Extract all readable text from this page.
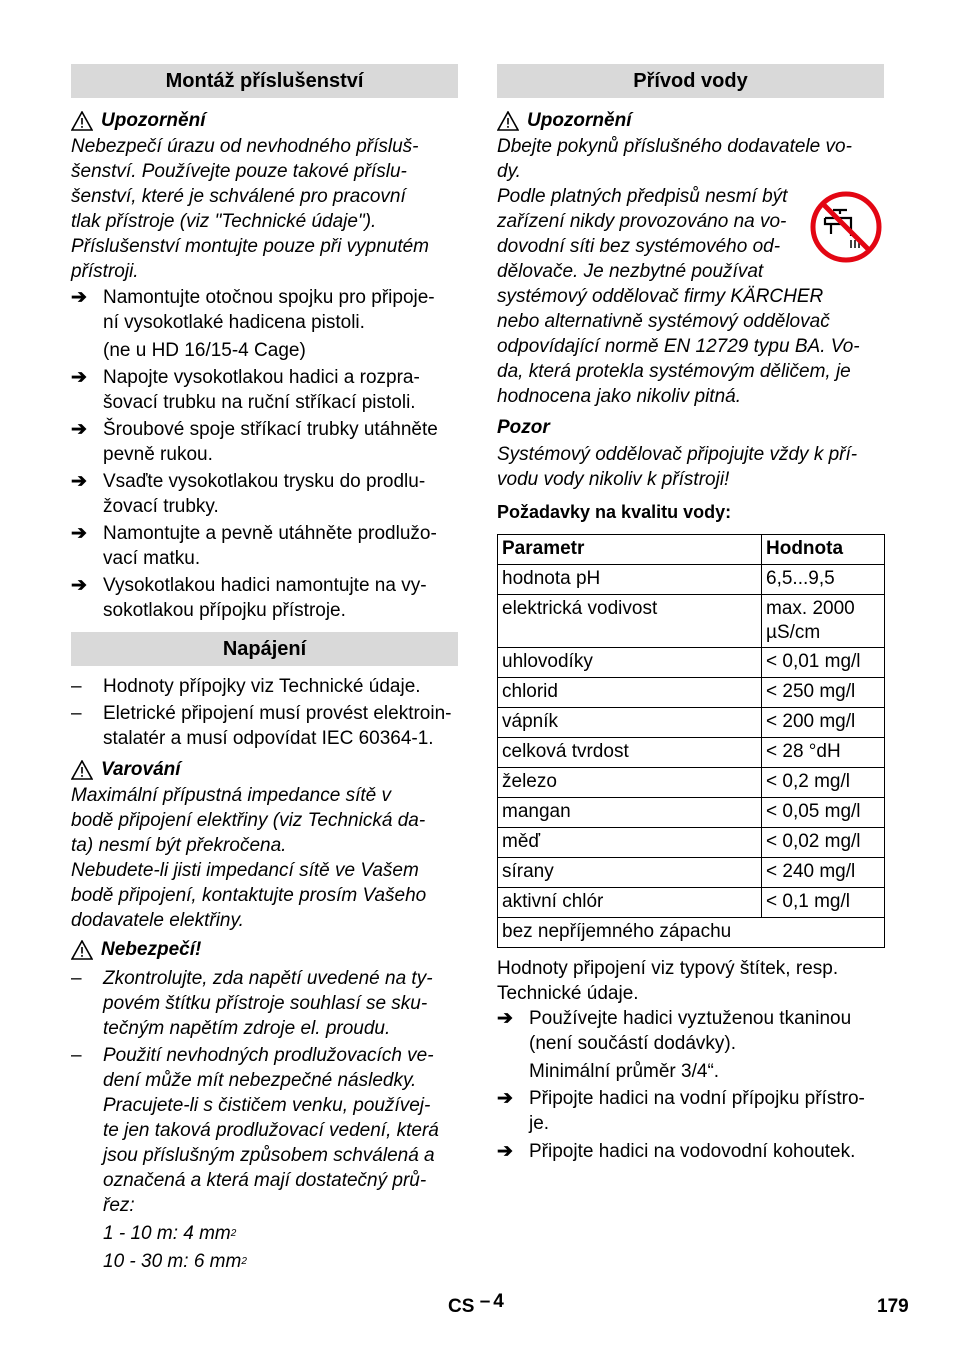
Montáž příslušenství
Upozornění

Nebezpečí úrazu od nevhodného přísluš-

šenství. Používejte pouze takové příslu-

šenství, které je schválené pro pracovní

tlak přístroje (viz "Technické údaje").

Příslušenství montujte pouze při vypnutém

přístroji.

➔ Namontujte otočnou spojku pro připoje-

ní vysokotlaké hadicena pistoli.

(ne u HD 16/15-4 Cage)

➔ Napojte vysokotlakou hadici a rozpra-

šovací trubku na ruční stříkací pistoli.

➔ Šroubové spoje stříkací trubky utáhněte

pevně rukou.

➔ Vsaďte vysokotlakou trysku do prodlu-

žovací trubky.

➔ Namontujte a pevně utáhněte prodlužo-

vací matku.

➔ Vysokotlakou hadici namontujte na vy-

sokotlakou přípojku přístroje.

Napájení
–	Hodnoty přípojky viz Technické údaje.

–	Eletrické připojení musí provést elektroin-

stalatér a musí odpovídat IEC 60364-1.

Varování

Maximální přípustná impedance sítě v

bodě připojení elektřiny (viz Technická da-

ta) nesmí být překročena.

Nebudete-li jisti impedancí sítě ve Vašem

bodě připojení, kontaktujte prosím Vašeho

dodavatele elektřiny.

Nebezpečí!
–	Zkontrolujte, zda napětí uvedené na ty-

povém štítku přístroje souhlasí se sku-

tečným napětím zdroje el. proudu.

–	Použití nevhodných prodlužovacích ve-

dení může mít nebezpečné následky.

Pracujete-li s čističem venku, používej-

te jen taková prodlužovací vedení, která

jsou příslušným způsobem schválená a

označená a která mají dostatečný prů-

řez:

1 - 10 m: 4 $mm^2$

10 - 30 m: 6 $mm^2$

Přívod vody
Upozornění

Dbejte pokynů příslušného dodavatele vo-

dy.

Podle platných předpisů nesmí být

zařízení nikdy provozováno na vo-

dovodní síti bez systémového od-

dělovače. Je nezbytné používat

systémový oddělovač firmy KÄRCHER

nebo alternativně systémový oddělovač

odpovídající normě EN 12729 typu BA. Vo-

da, která protekla systémovým děličem, je

hodnocena jako nikoliv pitná.

Pozor

Systémový oddělovač připojujte vždy k pří-

vodu vody nikoliv k přístroji!

Požadavky na kvalitu vody:

Parametr	Hodnota
hodnota pH	6,5...9,5
elektrická vodivost	max. 2000 µS/cm
uhlovodíky	< 0,01 mg/l
chlorid	< 250 mg/l
vápník	< 200 mg/l
celková tvrdost	< 28 °dH
železo	< 0,2 mg/l
mangan	< 0,05 mg/l
měď	< 0,02 mg/l
sírany	< 240 mg/l
aktivní chlór	< 0,1 mg/l
bez nepříjemného zápachu	

Hodnoty připojení viz typový štítek, resp.

Technické údaje.

➔ Používejte hadici vyztuženou tkaninou

(není součástí dodávky).

Minimální průměr 3/4“.

➔ Připojte hadici na vodní přípojku přístro-

je.

➔ Připojte hadici na vodovodní kohoutek.

CS – 4	179
